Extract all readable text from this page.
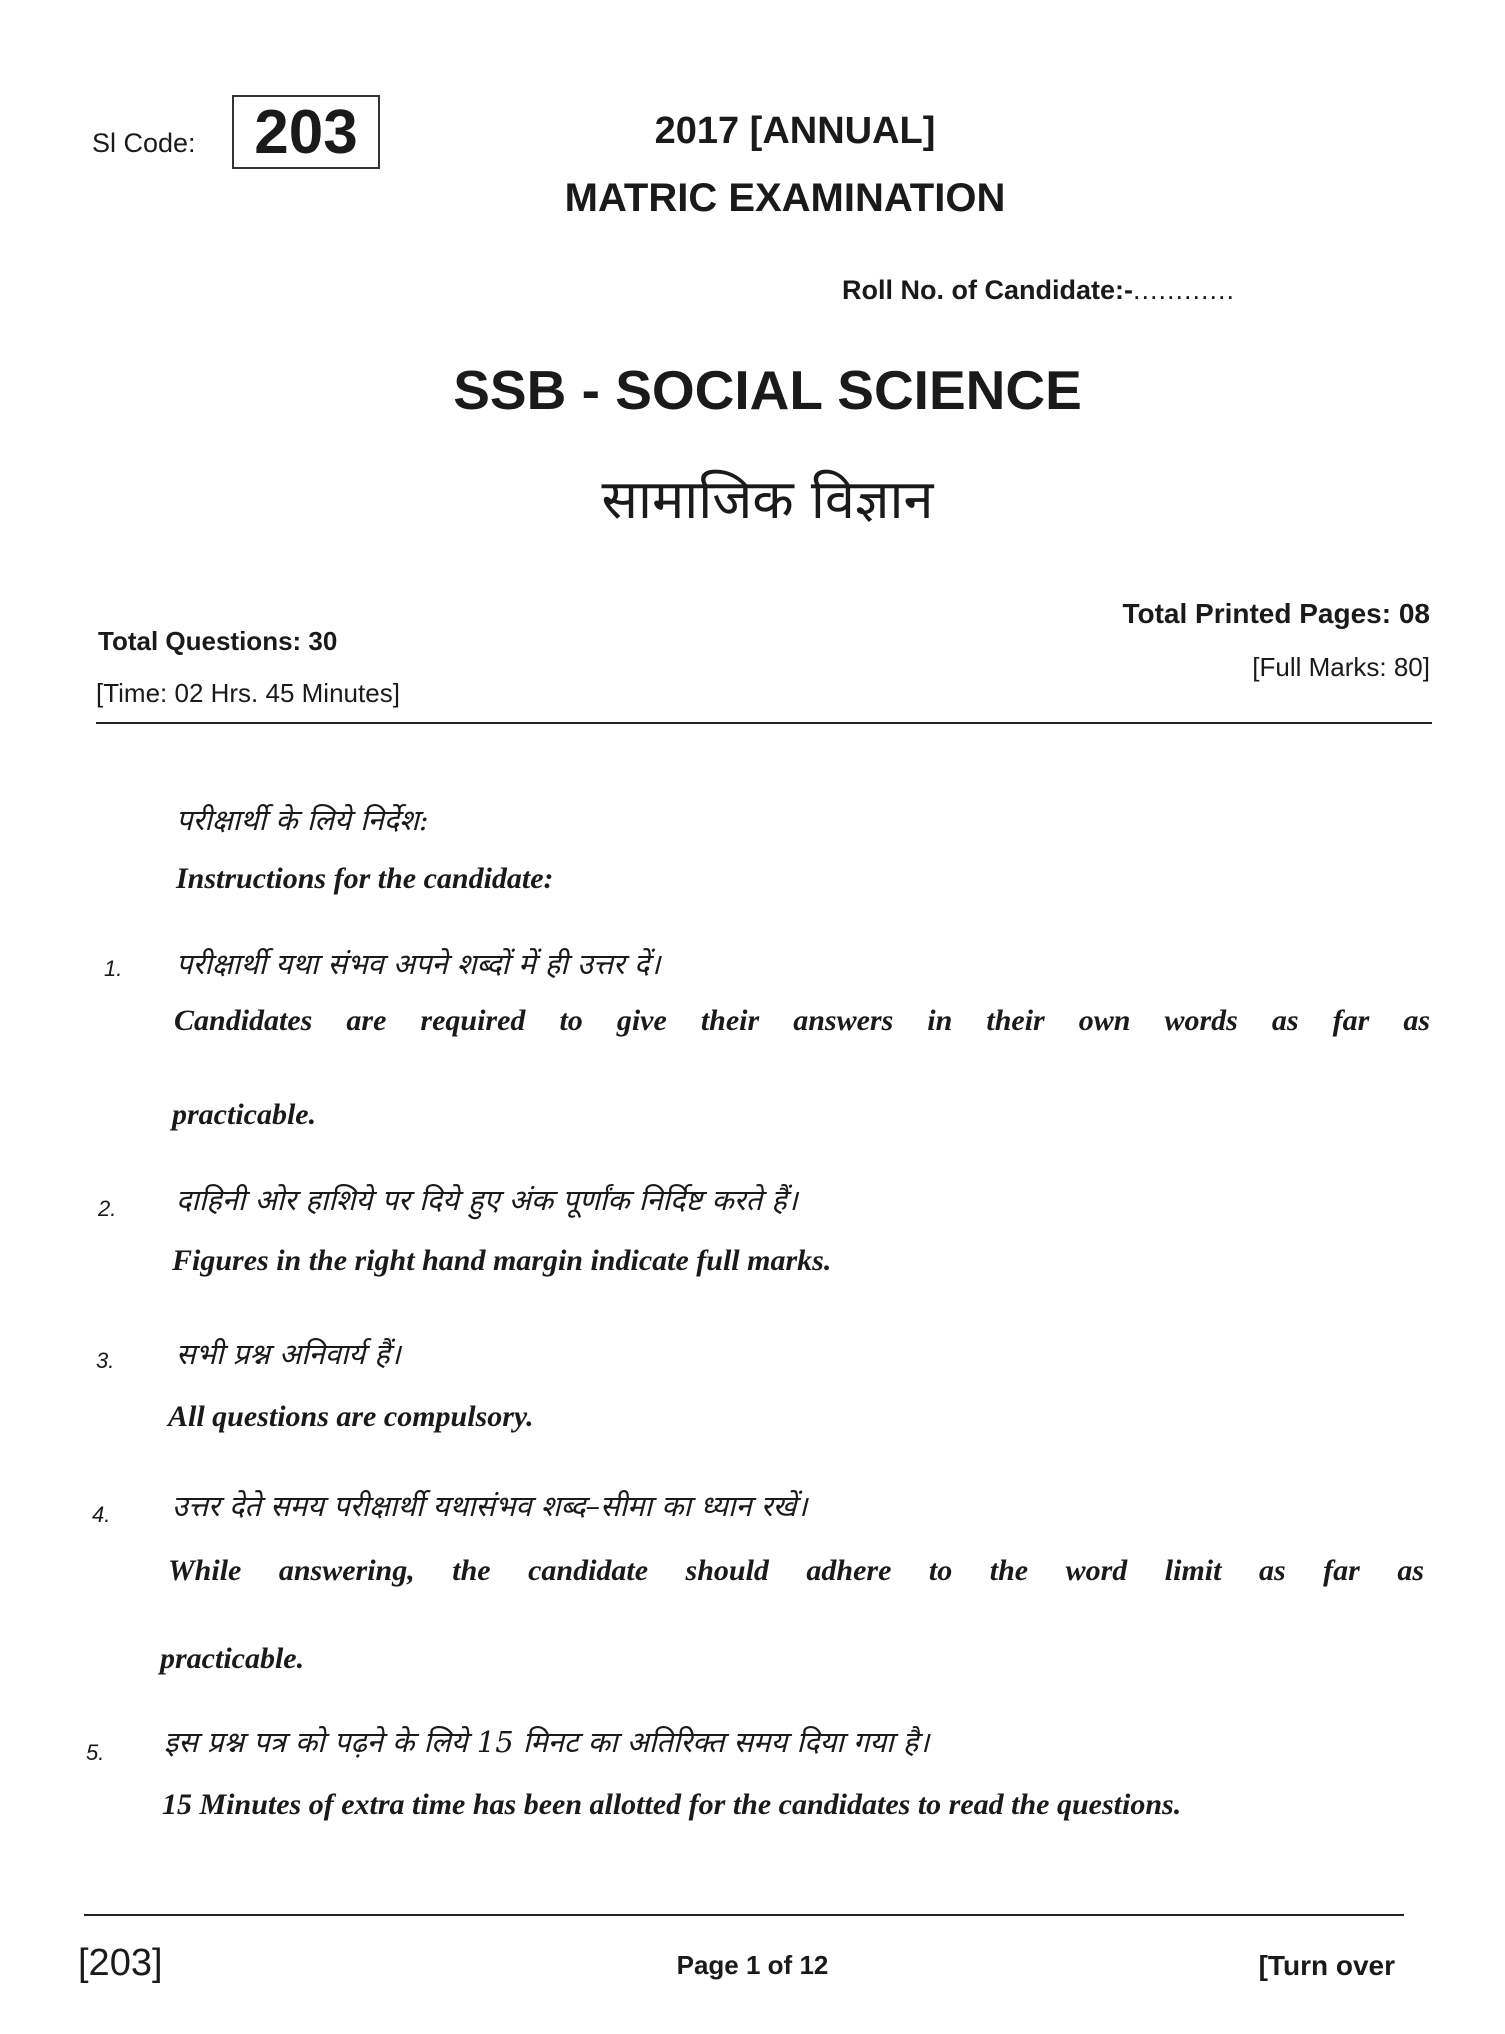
Sl Code: 203	2017 [ANNUAL]
MATRIC EXAMINATION
Roll No. of Candidate:-............
SSB - SOCIAL SCIENCE
सामाजिक विज्ञान
Total Questions: 30
[Time: 02 Hrs. 45 Minutes]
Total Printed Pages: 08
[Full Marks: 80]
परीक्षार्थी के लिये निर्देश:
Instructions for the candidate:
1. परीक्षार्थी यथा संभव अपने शब्दों में ही उत्तर दें।
Candidates are required to give their answers in their own words as far as
practicable.
2. दाहिनी ओर हाशिये पर दिये हुए अंक पूर्णांक निर्दिष्ट करते हैं।
Figures in the right hand margin indicate full marks.
3. सभी प्रश्न अनिवार्य हैं।
All questions are compulsory.
4. उत्तर देते समय परीक्षार्थी यथासंभव शब्द–सीमा का ध्यान रखें।
While answering, the candidate should adhere to the word limit as far as
practicable.
5. इस प्रश्न पत्र को पढ़ने के लिये 15 मिनट का अतिरिक्त समय दिया गया है।
15 Minutes of extra time has been allotted for the candidates to read the questions.
[203]	Page 1 of 12	[Turn over
